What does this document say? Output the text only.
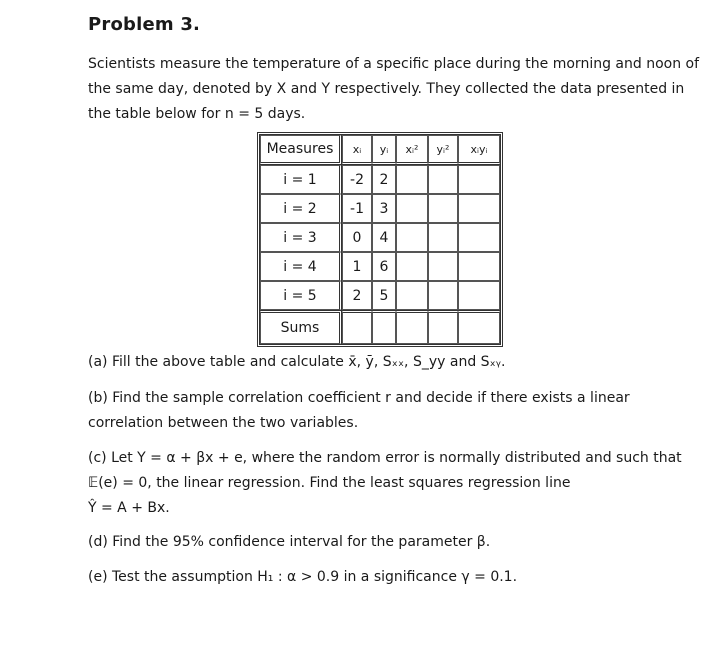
Problem 3.
Scientists measure the temperature of a specific place during the morning and noon of
the same day, denoted by X and Y respectively. They collected the data presented in
the table below for n = 5 days.
Measures	xᵢ	yᵢ	xᵢ²	yᵢ²	xᵢyᵢ
i = 1	-2	2			
i = 2	-1	3			
i = 3	0	4			
i = 4	1	6			
i = 5	2	5			
Sums					
(a) Fill the above table and calculate x̄, ȳ, Sₓₓ, S_yy and Sₓᵧ.
(b) Find the sample correlation coefficient r and decide if there exists a linear
correlation between the two variables.
(c) Let Y = α + βx + e, where the random error is normally distributed and such that
𝔼(e) = 0, the linear regression. Find the least squares regression line
Ŷ = A + Bx.
(d) Find the 95% confidence interval for the parameter β.
(e) Test the assumption H₁ : α > 0.9 in a significance γ = 0.1.
